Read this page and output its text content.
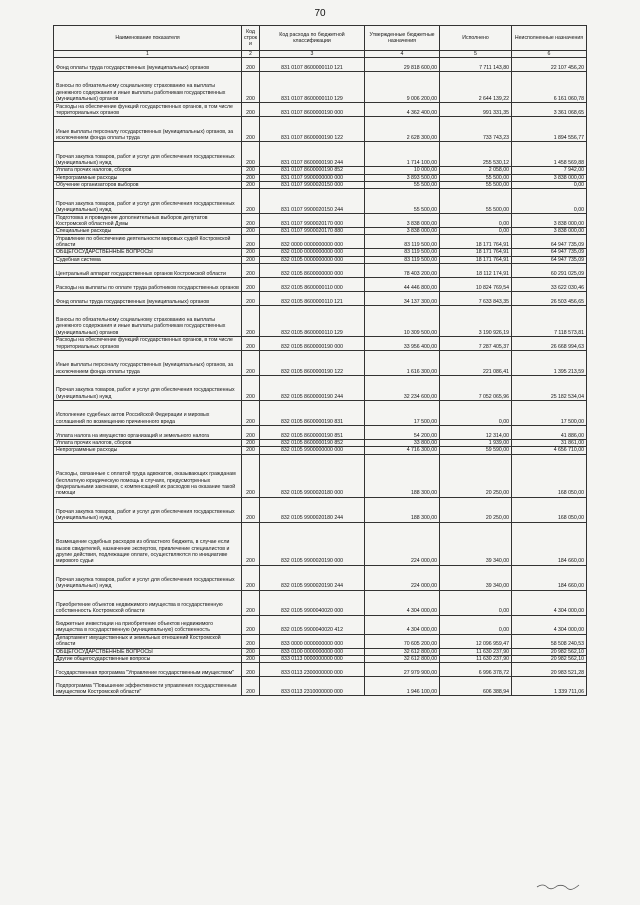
70
Наименование показателя	Код строк и	Код расхода по бюджетной классификации	Утвержденные бюджетные назначения	Исполнено	Неисполненные назначения
1	2	3	4	5	6
Фонд оплаты труда государственных (муниципальных) органов	200	831 0107 8600000110 121	29 818 600,00	7 711 143,80	22 107 456,20
Взносы по обязательному социальному страхованию на выплаты денежного содержания и иные выплаты работникам государственных (муниципальных) органов	200	831 0107 8600000110 129	9 006 200,00	2 644 139,22	6 161 060,78
Расходы на обеспечение функций государственных органов, в том числе территориальных органов	200	831 0107 8600000190 000	4 362 400,00	991 331,35	3 361 068,65
Иные выплаты персоналу государственных (муниципальных) органов, за исключением фонда оплаты труда	200	831 0107 8600000190 122	2 628 300,00	733 743,23	1 894 556,77
Прочая закупка товаров, работ и услуг для обеспечения государственных (муниципальных) нужд	200	831 0107 8600000190 244	1 714 100,00	255 530,12	1 458 569,88
Уплата прочих налогов, сборов	200	831 0107 8600000190 852	10 000,00	2 058,00	7 942,00
Непрограммные расходы	200	831 0107 9900000000 000	3 893 500,00	55 500,00	3 838 000,00
Обучение организаторов выборов	200	831 0107 9900020150 000	55 500,00	55 500,00	0,00
Прочая закупка товаров, работ и услуг для обеспечения государственных (муниципальных) нужд	200	831 0107 9900020150 244	55 500,00	55 500,00	0,00
Подготовка и проведение дополнительных выборов депутатов Костромской областной Думы	200	831 0107 9900020170 000	3 838 000,00	0,00	3 838 000,00
Специальные расходы	200	831 0107 9900020170 880	3 838 000,00	0,00	3 838 000,00
Управление по обеспечению деятельности мировых судей Костромской области	200	832 0000 0000000000 000	83 119 500,00	18 171 764,91	64 947 735,09
ОБЩЕГОСУДАРСТВЕННЫЕ ВОПРОСЫ	200	832 0100 0000000000 000	83 119 500,00	18 171 764,91	64 947 735,09
Судебная система	200	832 0105 0000000000 000	83 119 500,00	18 171 764,91	64 947 735,09
Центральный аппарат государственных органов Костромской области	200	832 0105 8600000000 000	78 403 200,00	18 112 174,91	60 291 025,09
Расходы на выплаты по оплате труда работников государственных органов	200	832 0105 8600000110 000	44 446 800,00	10 824 769,54	33 622 030,46
Фонд оплаты труда государственных (муниципальных) органов	200	832 0105 8600000110 121	34 137 300,00	7 633 843,35	26 503 456,65
Взносы по обязательному социальному страхованию на выплаты денежного содержания и иные выплаты работникам государственных (муниципальных) органов	200	832 0105 8600000110 129	10 309 500,00	3 190 926,19	7 118 573,81
Расходы на обеспечение функций государственных органов, в том числе территориальных органов	200	832 0105 8600000190 000	33 956 400,00	7 287 405,37	26 668 994,63
Иные выплаты персоналу государственных (муниципальных) органов, за исключением фонда оплаты труда	200	832 0105 8600000190 122	1 616 300,00	221 086,41	1 395 213,59
Прочая закупка товаров, работ и услуг для обеспечения государственных (муниципальных) нужд	200	832 0105 8600000190 244	32 234 600,00	7 052 065,96	25 182 534,04
Исполнение судебных актов Российской Федерации и мировых соглашений по возмещению причиненного вреда	200	832 0105 8600000190 831	17 500,00	0,00	17 500,00
Уплата налога на имущество организаций и земельного налога	200	832 0105 8600000190 851	54 200,00	12 314,00	41 886,00
Уплата прочих налогов, сборов	200	832 0105 8600000190 852	33 800,00	1 939,00	31 861,00
Непрограммные расходы	200	832 0105 9900000000 000	4 716 300,00	59 590,00	4 656 710,00
Расходы, связанные с оплатой труда адвокатов, оказывающих гражданам бесплатную юридическую помощь в случаях, предусмотренных федеральными законами, с компенсацией их расходов на оказание такой помощи	200	832 0105 9900020180 000	188 300,00	20 250,00	168 050,00
Прочая закупка товаров, работ и услуг для обеспечения государственных (муниципальных) нужд	200	832 0105 9900020180 244	188 300,00	20 250,00	168 050,00
Возмещение судебных расходов из областного бюджета, в случае если вызов свидетелей, назначение экспертов, привлечение специалистов и другие действия, подлежащие оплате, осуществляются по инициативе мирового судьи	200	832 0105 9900020190 000	224 000,00	39 340,00	184 660,00
Прочая закупка товаров, работ и услуг для обеспечения государственных (муниципальных) нужд	200	832 0105 9900020190 244	224 000,00	39 340,00	184 660,00
Приобретение объектов недвижимого имущества в государственную собственность Костромской области	200	832 0105 9900040020 000	4 304 000,00	0,00	4 304 000,00
Бюджетные инвестиции на приобретение объектов недвижимого имущества в государственную (муниципальную) собственность	200	832 0105 9900040020 412	4 304 000,00	0,00	4 304 000,00
Департамент имущественных и земельных отношений Костромской области	200	833 0000 0000000000 000	70 605 200,00	12 096 959,47	58 508 240,53
ОБЩЕГОСУДАРСТВЕННЫЕ ВОПРОСЫ	200	833 0100 0000000000 000	32 612 800,00	11 630 237,90	20 982 562,10
Другие общегосударственные вопросы	200	833 0113 0000000000 000	32 612 800,00	11 630 237,90	20 982 562,10
Государственная программа "Управление государственным имуществом"	200	833 0113 2300000000 000	27 979 900,00	6 996 378,72	20 983 521,28
Подпрограмма "Повышение эффективности управления государственным имуществом Костромской области"	200	833 0113 2310000000 000	1 946 100,00	606 388,94	1 339 711,06
